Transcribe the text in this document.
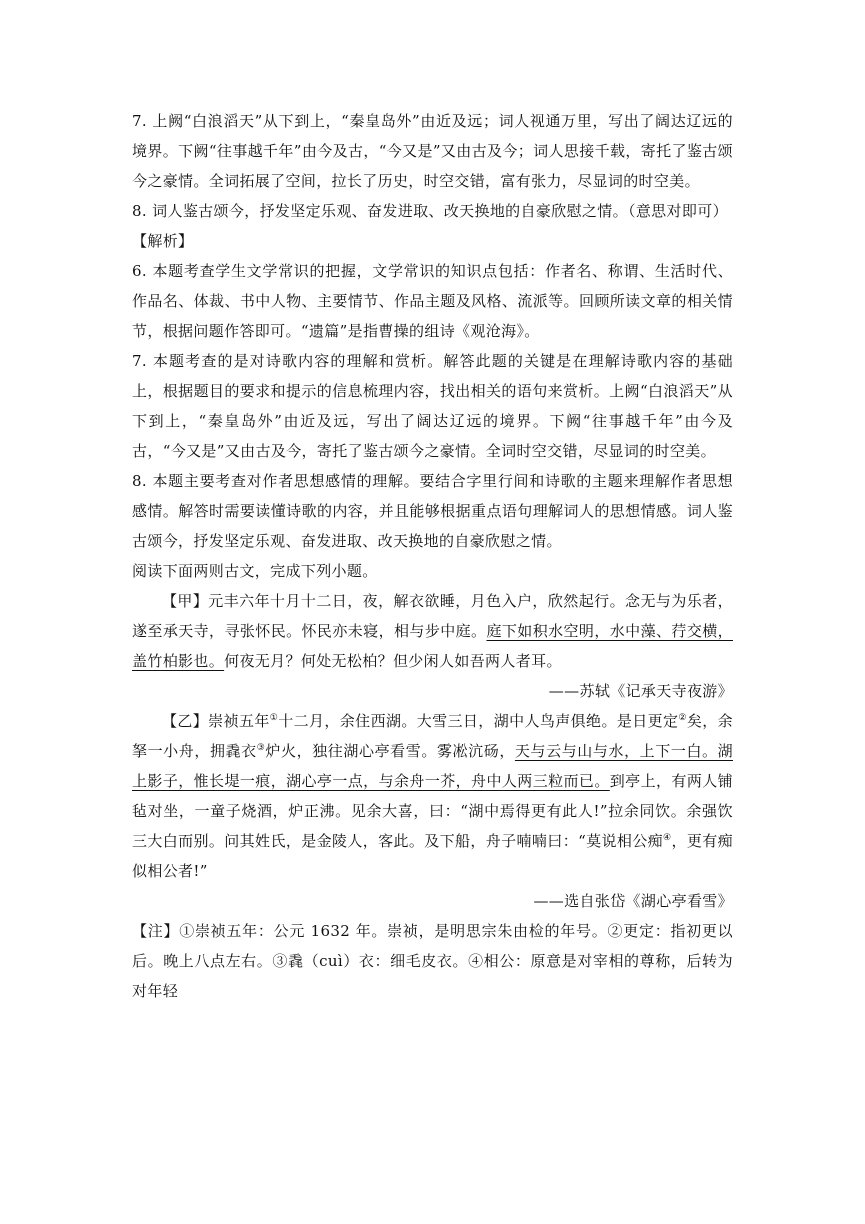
7. 上阙“白浪滔天”从下到上，“秦皇岛外”由近及远；词人视通万里，写出了阔达辽远的境界。下阙“往事越千年”由今及古，“今又是”又由古及今；词人思接千载，寄托了鉴古颂今之豪情。全词拓展了空间，拉长了历史，时空交错，富有张力，尽显词的时空美。

8. 词人鉴古颂今，抒发坚定乐观、奋发进取、改天换地的自豪欣慰之情。（意思对即可）

【解析】

6. 本题考查学生文学常识的把握，文学常识的知识点包括：作者名、称谓、生活时代、作品名、体裁、书中人物、主要情节、作品主题及风格、流派等。回顾所读文章的相关情节，根据问题作答即可。“遗篇”是指曹操的组诗《观沧海》。

7. 本题考查的是对诗歌内容的理解和赏析。解答此题的关键是在理解诗歌内容的基础上，根据题目的要求和提示的信息梳理内容，找出相关的语句来赏析。上阙“白浪滔天”从下到上，“秦皇岛外”由近及远，写出了阔达辽远的境界。下阙“往事越千年”由今及古，“今又是”又由古及今，寄托了鉴古颂今之豪情。全词时空交错，尽显词的时空美。

8. 本题主要考查对作者思想感情的理解。要结合字里行间和诗歌的主题来理解作者思想感情。解答时需要读懂诗歌的内容，并且能够根据重点语句理解词人的思想情感。词人鉴古颂今，抒发坚定乐观、奋发进取、改天换地的自豪欣慰之情。

阅读下面两则古文，完成下列小题。

【甲】元丰六年十月十二日，夜，解衣欲睡，月色入户，欣然起行。念无与为乐者，遂至承天寺，寻张怀民。怀民亦未寝，相与步中庭。庭下如积水空明，水中藻、荇交横，盖竹柏影也。何夜无月？何处无松柏？但少闲人如吾两人者耳。

——苏轼《记承天寺夜游》

【乙】崇祯五年①十二月，余住西湖。大雪三日，湖中人鸟声俱绝。是日更定②矣，余拏一小舟，拥毳衣③炉火，独往湖心亭看雪。雾凇沆砀，天与云与山与水，上下一白。湖上影子，惟长堤一痕，湖心亭一点，与余舟一芥，舟中人两三粒而已。到亭上，有两人铺毡对坐，一童子烧酒，炉正沸。见余大喜，曰：“湖中焉得更有此人!”拉余同饮。余强饮三大白而别。问其姓氏，是金陵人，客此。及下船，舟子喃喃曰：“莫说相公痴④，更有痴似相公者!”

——选自张岱《湖心亭看雪》

【注】①崇祯五年：公元 1632 年。崇祯，是明思宗朱由检的年号。②更定：指初更以后。晚上八点左右。③毳（cuì）衣：细毛皮衣。④相公：原意是对宰相的尊称，后转为对年轻
